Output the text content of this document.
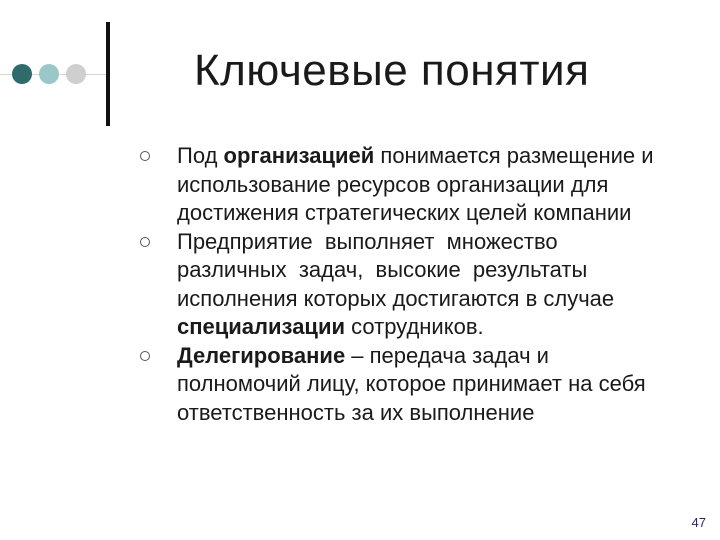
Ключевые понятия
Под организацией понимается размещение и использование ресурсов организации для достижения стратегических целей компании
Предприятие  выполняет  множество различных  задач,  высокие  результаты исполнения которых достигаются в случае специализации сотрудников.
Делегирование – передача задач и полномочий лицу, которое принимает на себя ответственность за их выполнение
47
